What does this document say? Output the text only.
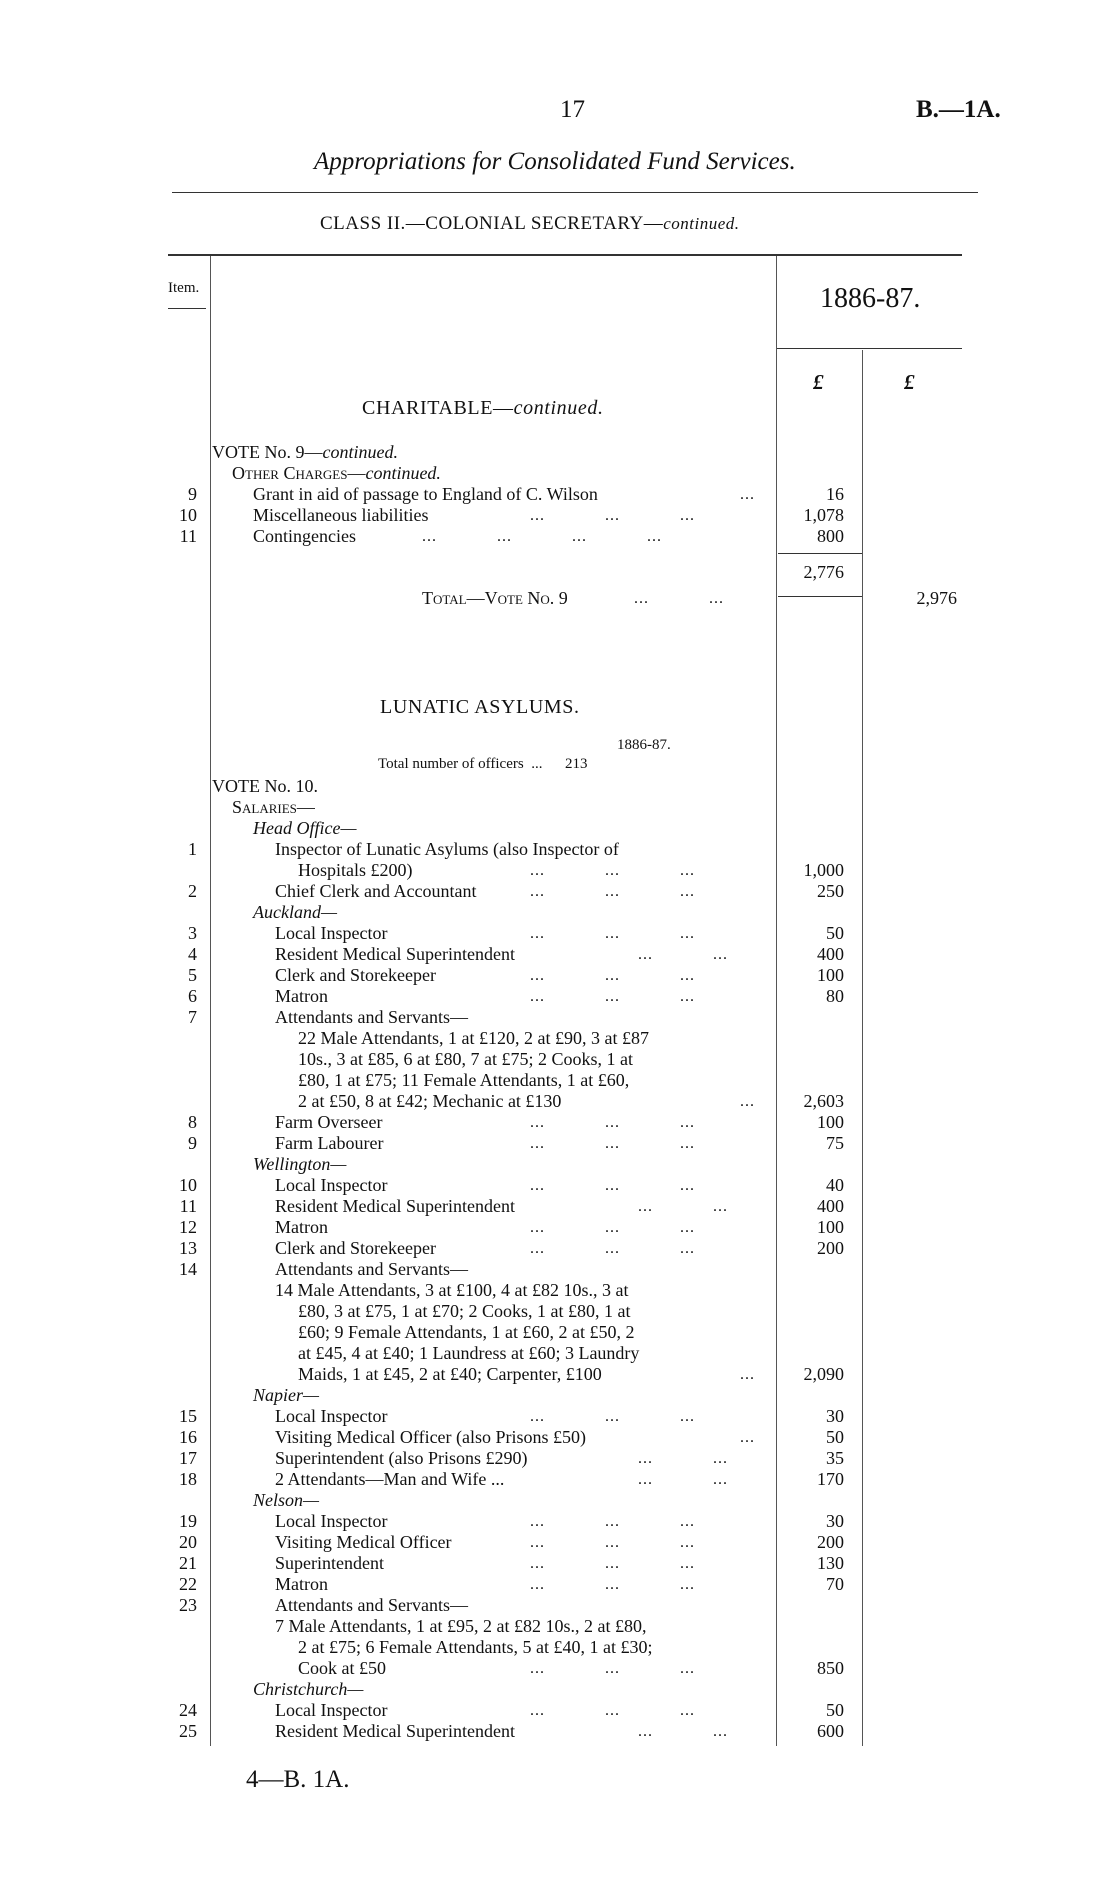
17	B.—1A.
Appropriations for Consolidated Fund Services.
CLASS II.—COLONIAL SECRETARY—continued.
Item.	1886-87.
£	£
CHARITABLE—continued.
VOTE No. 9—continued.
Other Charges—continued.
9	Grant in aid of passage to England of C. Wilson	...	16
10	Miscellaneous liabilities	...            ...            ...	1,078
11	Contingencies	...            ...            ...            ...	800
2,776
Total—Vote No. 9	...            ...	2,976
LUNATIC ASYLUMS.
1886-87.
Total number of officers  ...      213
VOTE No. 10.
Salaries—
Head Office—
1	Inspector of Lunatic Asylums (also Inspector of
Hospitals £200)	...            ...            ...	1,000
2	Chief Clerk and Accountant	...            ...            ...	250
Auckland—
3	Local Inspector	...            ...            ...	50
4	Resident Medical Superintendent	...            ...	400
5	Clerk and Storekeeper	...            ...            ...	100
6	Matron	...            ...            ...	80
7	Attendants and Servants—
22 Male Attendants, 1 at £120, 2 at £90, 3 at £87
10s., 3 at £85, 6 at £80, 7 at £75; 2 Cooks, 1 at
£80, 1 at £75; 11 Female Attendants, 1 at £60,
2 at £50, 8 at £42; Mechanic at £130	...	2,603
8	Farm Overseer	...            ...            ...	100
9	Farm Labourer	...            ...            ...	75
Wellington—
10	Local Inspector	...            ...            ...	40
11	Resident Medical Superintendent	...            ...	400
12	Matron	...            ...            ...	100
13	Clerk and Storekeeper	...            ...            ...	200
14	Attendants and Servants—
14 Male Attendants, 3 at £100, 4 at £82 10s., 3 at
£80, 3 at £75, 1 at £70; 2 Cooks, 1 at £80, 1 at
£60; 9 Female Attendants, 1 at £60, 2 at £50, 2
at £45, 4 at £40; 1 Laundress at £60; 3 Laundry
Maids, 1 at £45, 2 at £40; Carpenter, £100	...	2,090
Napier—
15	Local Inspector	...            ...            ...	30
16	Visiting Medical Officer (also Prisons £50)	...	50
17	Superintendent (also Prisons £290)	...            ...	35
18	2 Attendants—Man and Wife ...	...            ...	170
Nelson—
19	Local Inspector	...            ...            ...	30
20	Visiting Medical Officer	...            ...            ...	200
21	Superintendent	...            ...            ...	130
22	Matron	...            ...            ...	70
23	Attendants and Servants—
7 Male Attendants, 1 at £95, 2 at £82 10s., 2 at £80,
2 at £75; 6 Female Attendants, 5 at £40, 1 at £30;
Cook at £50	...            ...            ...	850
Christchurch—
24	Local Inspector	...            ...            ...	50
25	Resident Medical Superintendent	...            ...	600
4—B. 1A.
